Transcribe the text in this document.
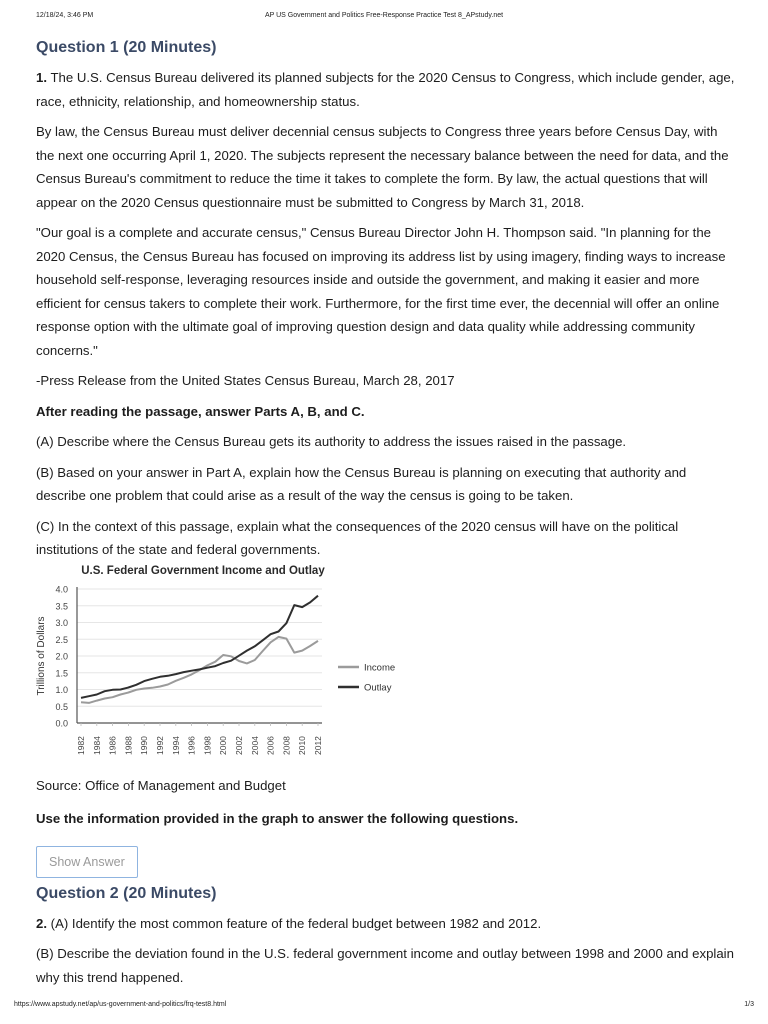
12/18/24, 3:46 PM	AP US Government and Politics Free-Response Practice Test 8_APstudy.net
Question 1 (20 Minutes)

1. The U.S. Census Bureau delivered its planned subjects for the 2020 Census to Congress, which include gender, age, race, ethnicity, relationship, and homeownership status.

By law, the Census Bureau must deliver decennial census subjects to Congress three years before Census Day, with the next one occurring April 1, 2020. The subjects represent the necessary balance between the need for data, and the Census Bureau's commitment to reduce the time it takes to complete the form. By law, the actual questions that will appear on the 2020 Census questionnaire must be submitted to Congress by March 31, 2018.

"Our goal is a complete and accurate census," Census Bureau Director John H. Thompson said. "In planning for the 2020 Census, the Census Bureau has focused on improving its address list by using imagery, finding ways to increase household self-response, leveraging resources inside and outside the government, and making it easier and more efficient for census takers to complete their work. Furthermore, for the first time ever, the decennial will offer an online response option with the ultimate goal of improving question design and data quality while addressing community concerns."

-Press Release from the United States Census Bureau, March 28, 2017

After reading the passage, answer Parts A, B, and C.

(A) Describe where the Census Bureau gets its authority to address the issues raised in the passage.

(B) Based on your answer in Part A, explain how the Census Bureau is planning on executing that authority and describe one problem that could arise as a result of the way the census is going to be taken.

(C) In the context of this passage, explain what the consequences of the 2020 census will have on the political institutions of the state and federal governments.

U.S. Federal Government Income and Outlay
0.0
0.5
1.0
1.5
2.0
2.5
3.0
3.5
4.0
Trillions of Dollars
1982 1984 1986 1988 1990 1992 1994 1996 1998 2000 2002 2004 2006 2008 2010 2012
Income
Outlay

Source: Office of Management and Budget

Use the information provided in the graph to answer the following questions.

Show Answer
Question 2 (20 Minutes)

2. (A) Identify the most common feature of the federal budget between 1982 and 2012.

(B) Describe the deviation found in the U.S. federal government income and outlay between 1998 and 2000 and explain why this trend happened.

https://www.apstudy.net/ap/us-government-and-politics/frq-test8.html	1/3
